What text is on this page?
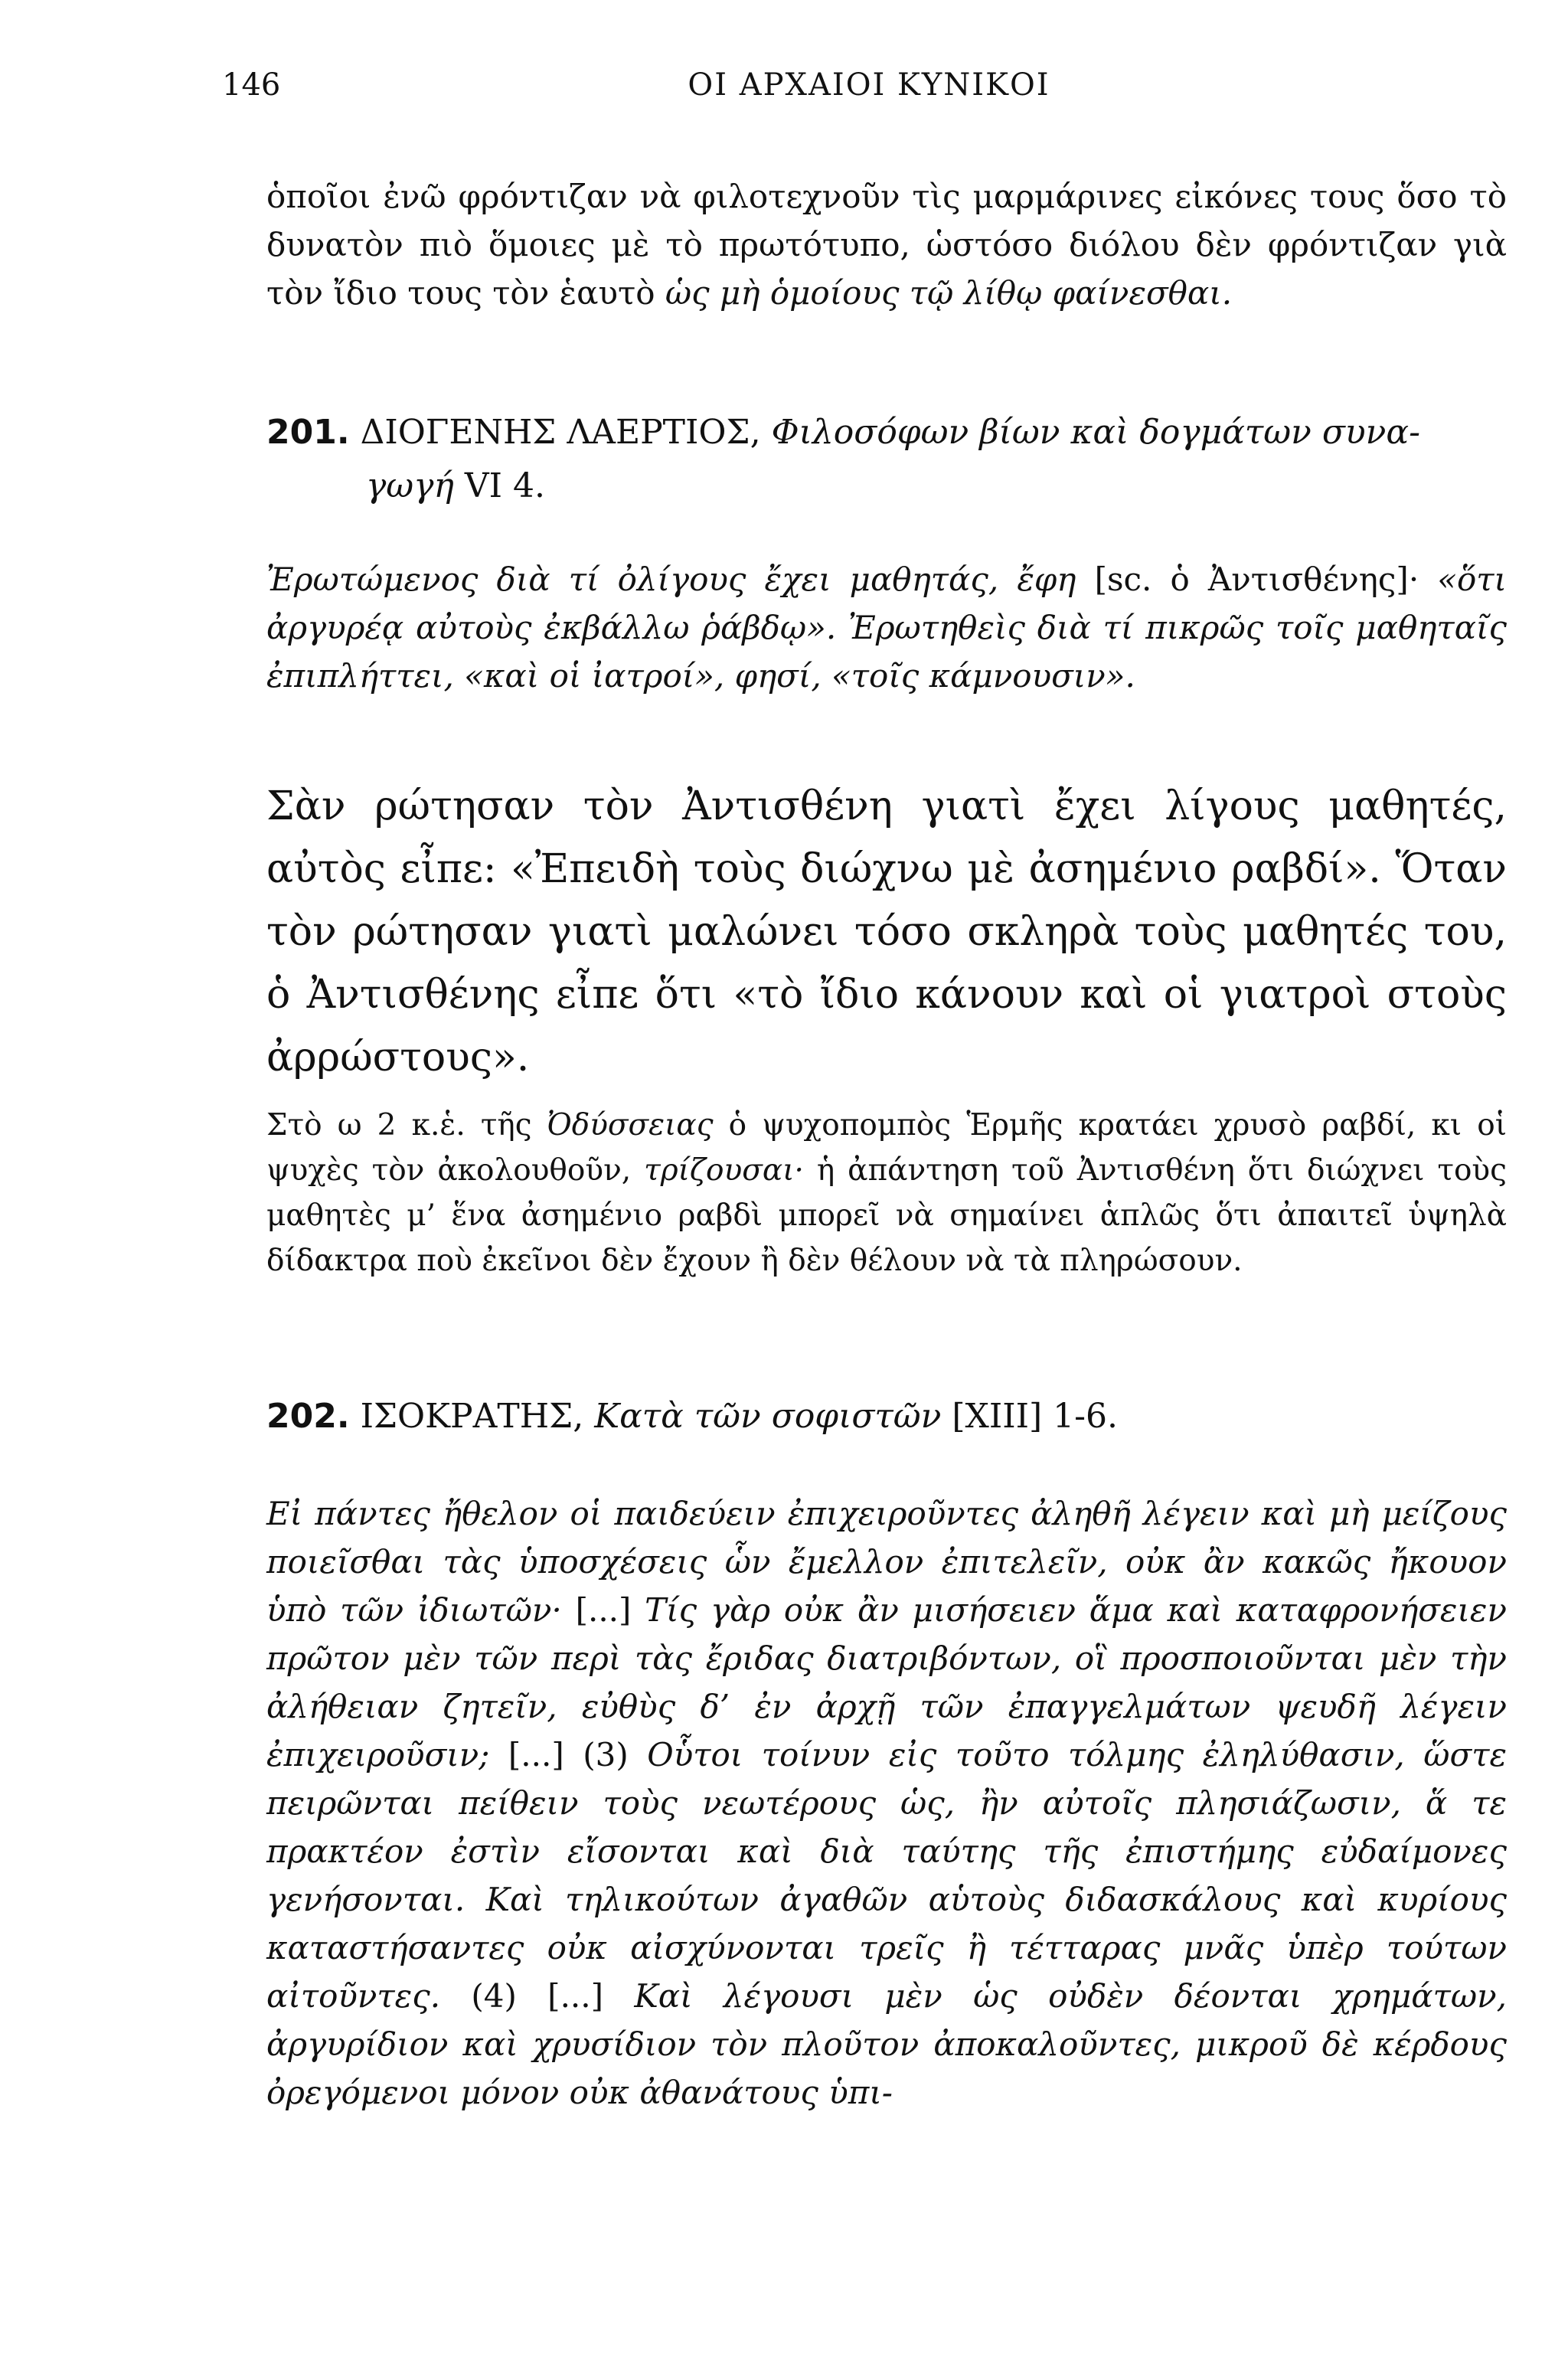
146	ΟΙ ΑΡΧΑΙΟΙ ΚΥΝΙΚΟΙ

ὁποῖοι ἐνῶ φρόντιζαν νὰ φιλοτεχνοῦν τὶς μαρμάρινες εἰκόνες τους ὅσο τὸ δυνατὸν πιὸ ὅμοιες μὲ τὸ πρωτότυπο, ὡστόσο διόλου δὲν φρόντιζαν γιὰ τὸν ἴδιο τους τὸν ἑαυτὸ ὡς μὴ ὁμοίους τῷ λίθῳ φαίνεσθαι.

201. ΔΙΟΓΕΝΗΣ ΛΑΕΡΤΙΟΣ, Φιλοσόφων βίων καὶ δογμάτων συνα-
γωγή VI 4.

Ἐρωτώμενος διὰ τί ὀλίγους ἔχει μαθητάς, ἔφη [sc. ὁ Ἀντισθένης]· «ὅτι ἀργυρέᾳ αὐτοὺς ἐκβάλλω ῥάβδῳ». Ἐρωτηθεὶς διὰ τί πικρῶς τοῖς μαθηταῖς ἐπιπλήττει, «καὶ οἱ ἰατροί», φησί, «τοῖς κάμνουσιν».

Σὰν ρώτησαν τὸν Ἀντισθένη γιατὶ ἔχει λίγους μαθητές, αὐτὸς εἶπε: «Ἐπειδὴ τοὺς διώχνω μὲ ἀσημένιο ραβδί». Ὅταν τὸν ρώτησαν γιατὶ μαλώνει τόσο σκληρὰ τοὺς μαθητές του, ὁ Ἀντισθένης εἶπε ὅτι «τὸ ἴδιο κάνουν καὶ οἱ γιατροὶ στοὺς ἀρρώστους».

Στὸ ω 2 κ.ἑ. τῆς Ὀδύσσειας ὁ ψυχοπομπὸς Ἑρμῆς κρατάει χρυσὸ ραβδί, κι οἱ ψυχὲς τὸν ἀκολουθοῦν, τρίζουσαι· ἡ ἀπάντηση τοῦ Ἀντισθένη ὅτι διώχνει τοὺς μαθητὲς μ’ ἕνα ἀσημένιο ραβδὶ μπορεῖ νὰ σημαίνει ἁπλῶς ὅτι ἀπαιτεῖ ὑψηλὰ δίδακτρα ποὺ ἐκεῖνοι δὲν ἔχουν ἢ δὲν θέλουν νὰ τὰ πληρώσουν.

202. ΙΣΟΚΡΑΤΗΣ, Κατὰ τῶν σοφιστῶν [XIII] 1-6.

Εἰ πάντες ἤθελον οἱ παιδεύειν ἐπιχειροῦντες ἀληθῆ λέγειν καὶ μὴ μείζους ποιεῖσθαι τὰς ὑποσχέσεις ὧν ἔμελλον ἐπιτελεῖν, οὐκ ἂν κακῶς ἤκουον ὑπὸ τῶν ἰδιωτῶν· [...] Τίς γὰρ οὐκ ἂν μισήσειεν ἅμα καὶ καταφρονήσειεν πρῶτον μὲν τῶν περὶ τὰς ἔριδας διατριβόντων, οἳ προσποιοῦνται μὲν τὴν ἀλήθειαν ζητεῖν, εὐθὺς δ’ ἐν ἀρχῇ τῶν ἐπαγγελμάτων ψευδῆ λέγειν ἐπιχειροῦσιν; [...] (3) Οὗτοι τοίνυν εἰς τοῦτο τόλμης ἐληλύθασιν, ὥστε πειρῶνται πείθειν τοὺς νεωτέρους ὡς, ἢν αὐτοῖς πλησιάζωσιν, ἅ τε πρακτέον ἐστὶν εἴσονται καὶ διὰ ταύτης τῆς ἐπιστήμης εὐδαίμονες γενήσονται. Καὶ τηλικούτων ἀγαθῶν αὑτοὺς διδασκάλους καὶ κυρίους καταστήσαντες οὐκ αἰσχύνονται τρεῖς ἢ τέτταρας μνᾶς ὑπὲρ τούτων αἰτοῦντες. (4) [...] Καὶ λέγουσι μὲν ὡς οὐδὲν δέονται χρημάτων, ἀργυρίδιον καὶ χρυσίδιον τὸν πλοῦτον ἀποκαλοῦντες, μικροῦ δὲ κέρδους ὀρεγόμενοι μόνον οὐκ ἀθανάτους ὑπι-
